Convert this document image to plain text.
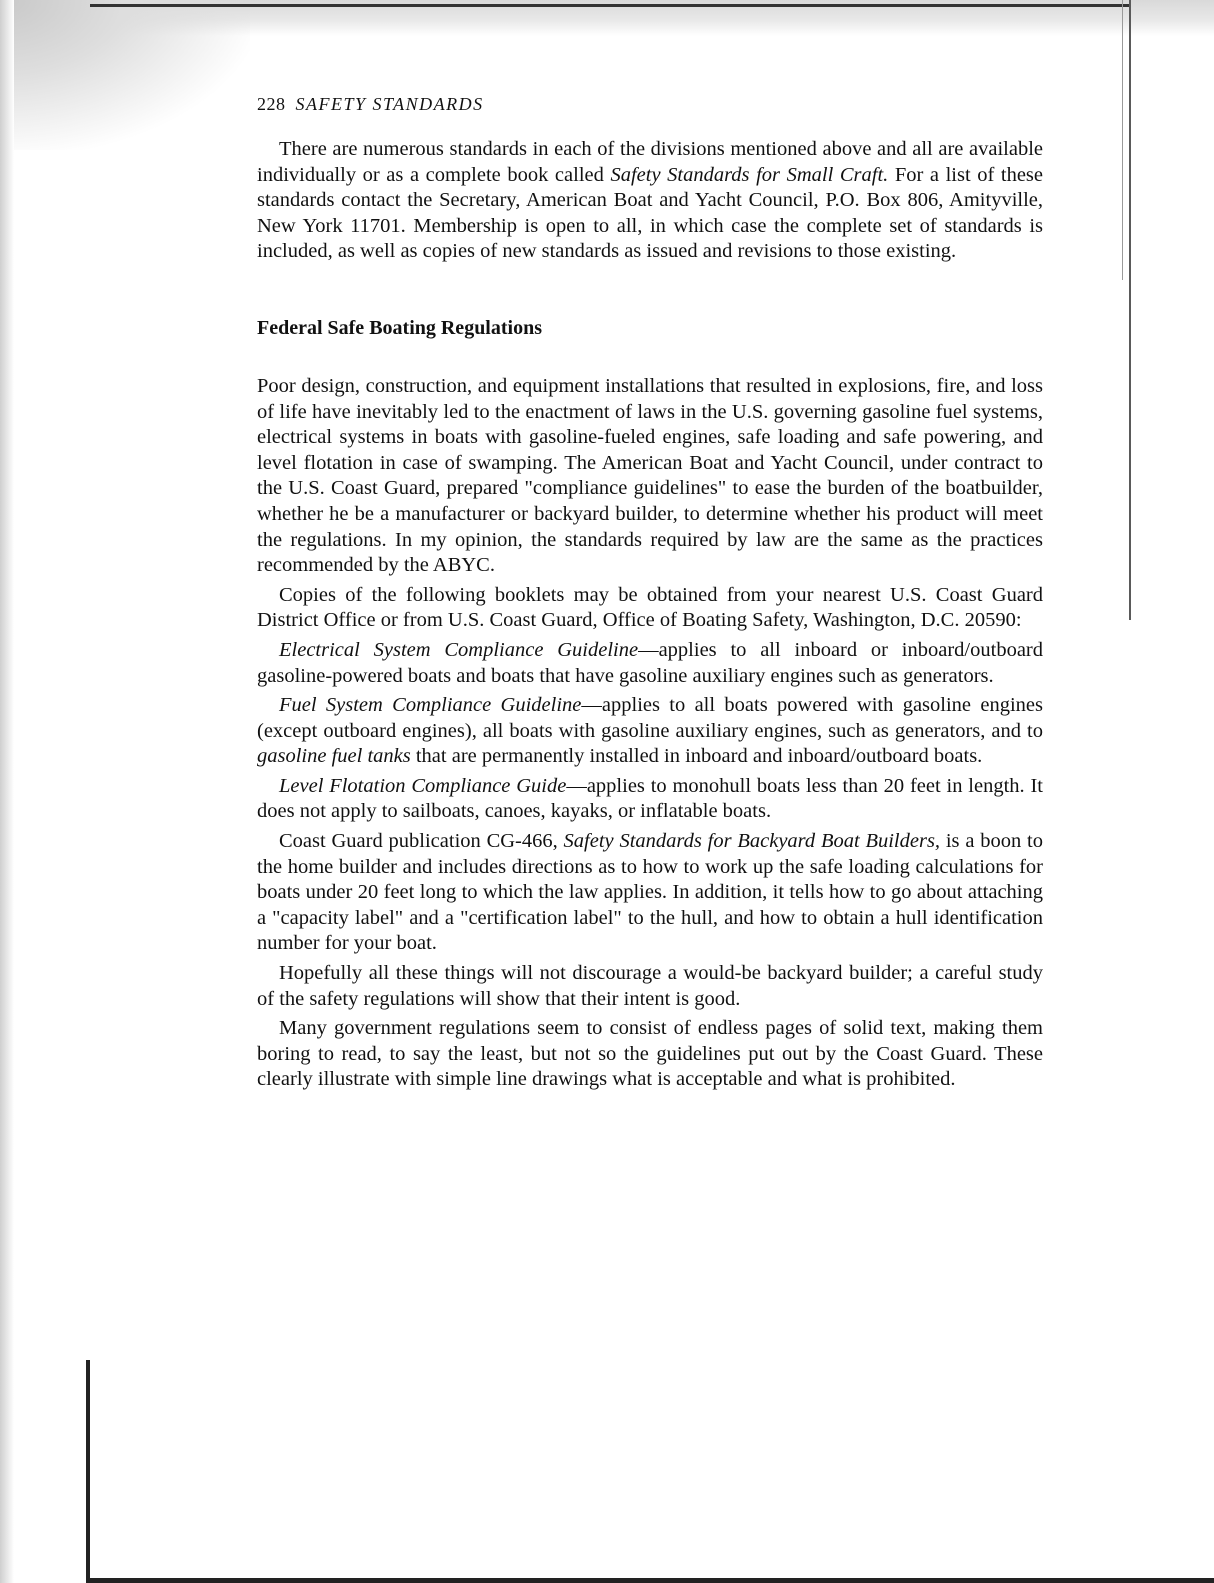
228 SAFETY STANDARDS

There are numerous standards in each of the divisions mentioned above and all are available individually or as a complete book called Safety Standards for Small Craft. For a list of these standards contact the Secretary, American Boat and Yacht Council, P.O. Box 806, Amityville, New York 11701. Membership is open to all, in which case the complete set of standards is included, as well as copies of new standards as issued and revisions to those existing.

Federal Safe Boating Regulations

Poor design, construction, and equipment installations that resulted in explosions, fire, and loss of life have inevitably led to the enactment of laws in the U.S. governing gasoline fuel systems, electrical systems in boats with gasoline-fueled engines, safe loading and safe powering, and level flotation in case of swamping. The American Boat and Yacht Council, under contract to the U.S. Coast Guard, prepared "compliance guidelines" to ease the burden of the boatbuilder, whether he be a manufacturer or backyard builder, to determine whether his product will meet the regulations. In my opinion, the standards required by law are the same as the practices recommended by the ABYC.

Copies of the following booklets may be obtained from your nearest U.S. Coast Guard District Office or from U.S. Coast Guard, Office of Boating Safety, Washington, D.C. 20590:

Electrical System Compliance Guideline—applies to all inboard or inboard/outboard gasoline-powered boats and boats that have gasoline auxiliary engines such as generators.

Fuel System Compliance Guideline—applies to all boats powered with gasoline engines (except outboard engines), all boats with gasoline auxiliary engines, such as generators, and to gasoline fuel tanks that are permanently installed in inboard and inboard/outboard boats.

Level Flotation Compliance Guide—applies to monohull boats less than 20 feet in length. It does not apply to sailboats, canoes, kayaks, or inflatable boats.

Coast Guard publication CG-466, Safety Standards for Backyard Boat Builders, is a boon to the home builder and includes directions as to how to work up the safe loading calculations for boats under 20 feet long to which the law applies. In addition, it tells how to go about attaching a "capacity label" and a "certification label" to the hull, and how to obtain a hull identification number for your boat.

Hopefully all these things will not discourage a would-be backyard builder; a careful study of the safety regulations will show that their intent is good.

Many government regulations seem to consist of endless pages of solid text, making them boring to read, to say the least, but not so the guidelines put out by the Coast Guard. These clearly illustrate with simple line drawings what is acceptable and what is prohibited.
